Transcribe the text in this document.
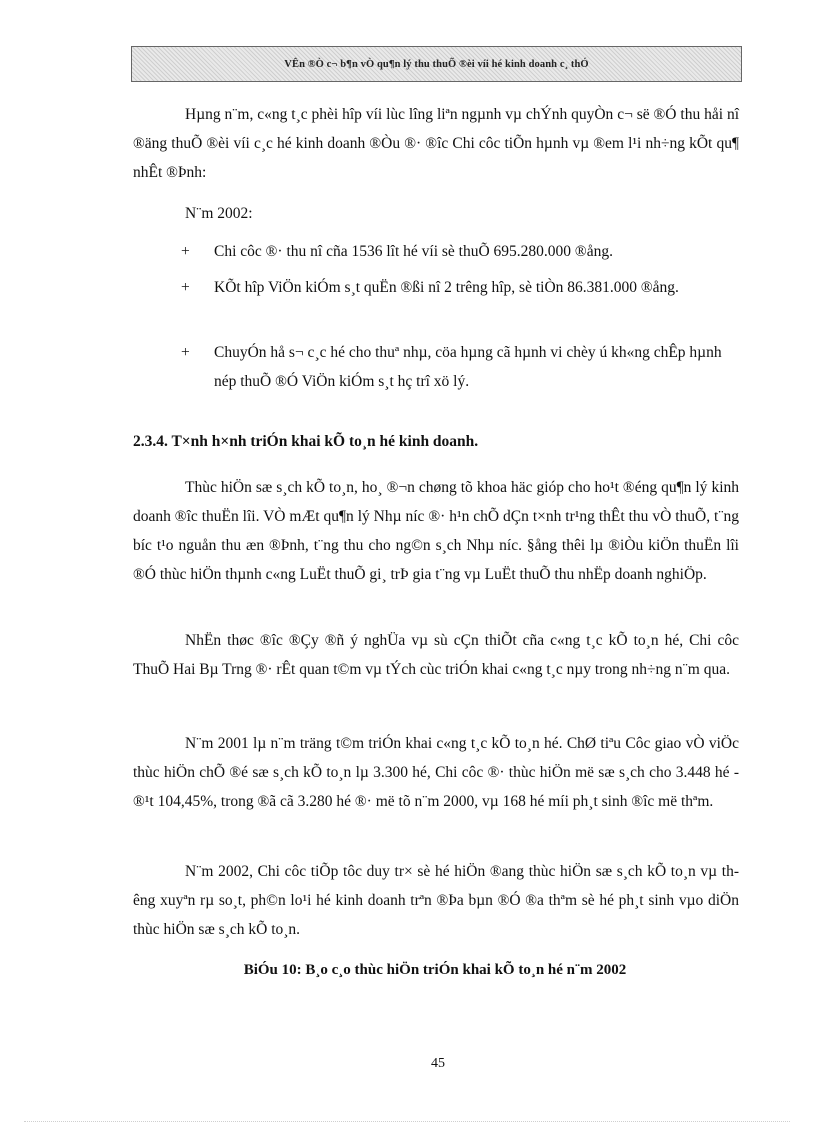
VÊn ®Ò c¬ b¶n vÒ qu¶n lý thu thuÕ ®èi víi hé kinh doanh c¸ thÓ

Hµng n¨m, c«ng t¸c phèi hîp víi lùc lîng liªn ngµnh vµ chÝnh quyÒn c¬ së ®Ó thu håi nî ®äng thuÕ ®èi víi c¸c hé kinh doanh ®Òu ®· ®îc Chi côc tiÕn hµnh vµ ®em l¹i nh÷ng kÕt qu¶ nhÊt ®Þnh:

N¨m 2002:

+ Chi côc ®· thu nî cña 1536 lît hé víi sè thuÕ 695.280.000 ®ång.
+ KÕt hîp ViÖn kiÓm s¸t quËn ®ßi nî 2 trêng hîp, sè tiÒn 86.381.000 ®ång.
+ ChuyÓn hå s¬ c¸c hé cho thuª nhµ, cöa hµng cã hµnh vi chèy ú kh«ng chÊp hµnh nép thuÕ ®Ó ViÖn kiÓm s¸t hç trî xö lý.
2.3.4. T×nh h×nh triÓn khai kÕ to¸n hé kinh doanh.

Thùc hiÖn sæ s¸ch kÕ to¸n, ho¸ ®¬n chøng tõ khoa häc gióp cho ho¹t ®éng qu¶n lý kinh doanh ®îc thuËn lîi. VÒ mÆt qu¶n lý Nhµ níc ®· h¹n chÕ dÇn t×nh tr¹ng thÊt thu vÒ thuÕ, t¨ng bíc t¹o nguån thu æn ®Þnh, t¨ng thu cho ng©n s¸ch Nhµ níc. §ång thêi lµ ®iÒu kiÖn thuËn lîi ®Ó thùc hiÖn thµnh c«ng LuËt thuÕ gi¸ trÞ gia t¨ng vµ LuËt thuÕ thu nhËp doanh nghiÖp.

NhËn thøc ®îc ®Çy ®ñ ý nghÜa vµ sù cÇn thiÕt cña c«ng t¸c kÕ to¸n hé, Chi côc ThuÕ Hai Bµ Trng ®· rÊt quan t©m vµ tÝch cùc triÓn khai c«ng t¸c nµy trong nh÷ng n¨m qua.

N¨m 2001 lµ n¨m träng t©m triÓn khai c«ng t¸c kÕ to¸n hé. ChØ tiªu Côc giao vÒ viÖc thùc hiÖn chÕ ®é sæ s¸ch kÕ to¸n lµ 3.300 hé, Chi côc ®· thùc hiÖn më sæ s¸ch cho 3.448 hé - ®¹t 104,45%, trong ®ã cã 3.280 hé ®· më tõ n¨m 2000, vµ 168 hé míi ph¸t sinh ®îc më thªm.

N¨m 2002, Chi côc tiÕp tôc duy tr× sè hé hiÖn ®ang thùc hiÖn sæ s¸ch kÕ to¸n vµ thêng xuyªn rµ so¸t, ph©n lo¹i hé kinh doanh trªn ®Þa bµn ®Ó ®a thªm sè hé ph¸t sinh vµo diÖn thùc hiÖn sæ s¸ch kÕ to¸n.

BiÓu 10: B¸o c¸o thùc hiÖn triÓn khai kÕ to¸n hé n¨m 2002
45
